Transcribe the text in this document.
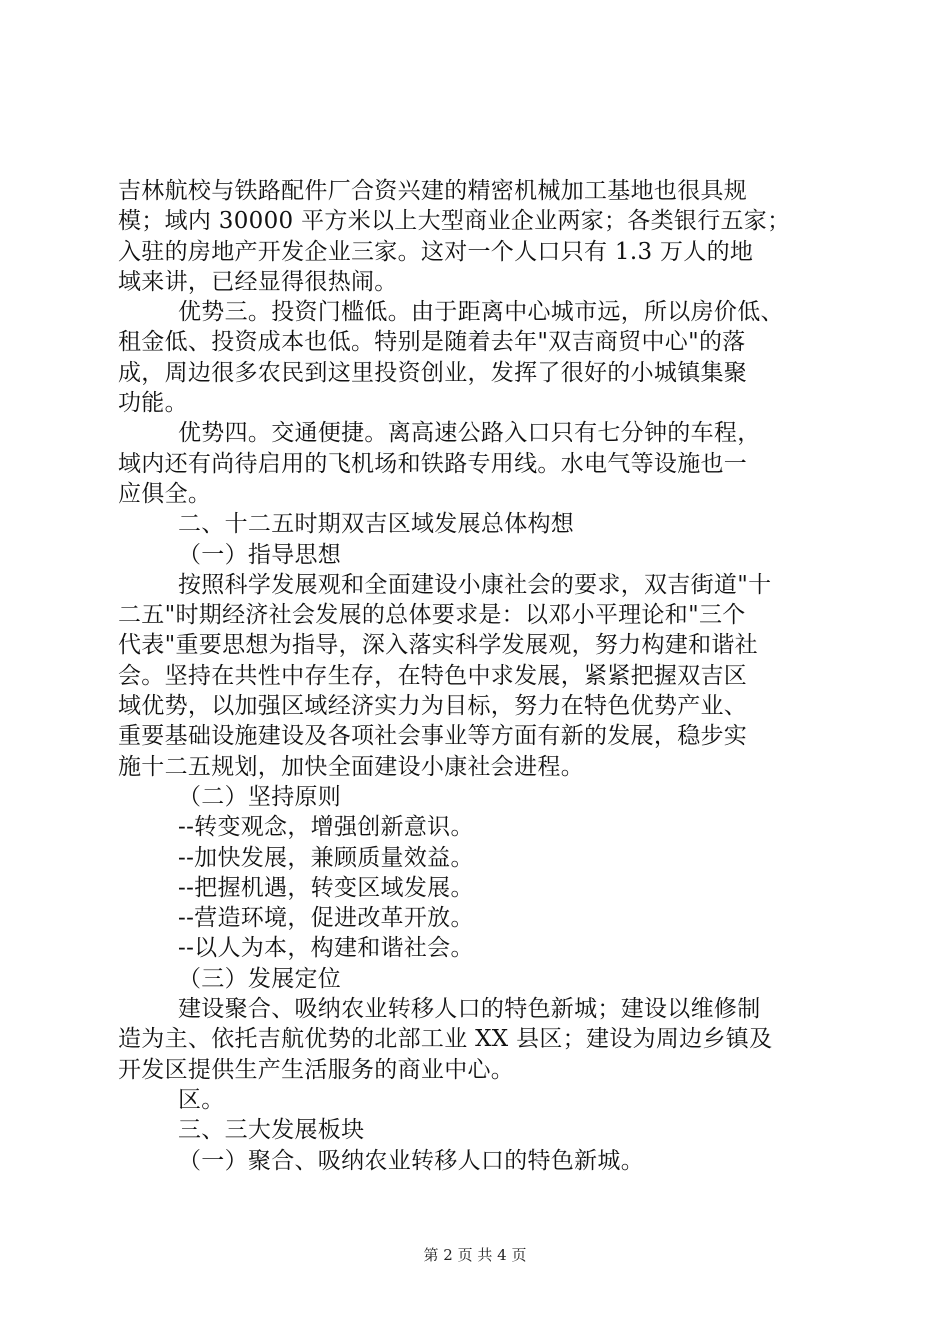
吉林航校与铁路配件厂合资兴建的精密机械加工基地也很具规
模；域内 30000 平方米以上大型商业企业两家；各类银行五家；
入驻的房地产开发企业三家。这对一个人口只有 1.3 万人的地
域来讲，已经显得很热闹。
优势三。投资门槛低。由于距离中心城市远，所以房价低、
租金低、投资成本也低。特别是随着去年"双吉商贸中心"的落
成，周边很多农民到这里投资创业，发挥了很好的小城镇集聚
功能。
优势四。交通便捷。离高速公路入口只有七分钟的车程，
域内还有尚待启用的飞机场和铁路专用线。水电气等设施也一
应俱全。
二、十二五时期双吉区域发展总体构想
（一）指导思想
按照科学发展观和全面建设小康社会的要求，双吉街道"十
二五"时期经济社会发展的总体要求是：以邓小平理论和"三个
代表"重要思想为指导，深入落实科学发展观，努力构建和谐社
会。坚持在共性中存生存，在特色中求发展，紧紧把握双吉区
域优势，以加强区域经济实力为目标，努力在特色优势产业、
重要基础设施建设及各项社会事业等方面有新的发展，稳步实
施十二五规划，加快全面建设小康社会进程。
（二）坚持原则
--转变观念，增强创新意识。
--加快发展，兼顾质量效益。
--把握机遇，转变区域发展。
--营造环境，促进改革开放。
--以人为本，构建和谐社会。
（三）发展定位
建设聚合、吸纳农业转移人口的特色新城；建设以维修制
造为主、依托吉航优势的北部工业 XX 县区；建设为周边乡镇及
开发区提供生产生活服务的商业中心。
区。
三、三大发展板块
（一）聚合、吸纳农业转移人口的特色新城。
第 2 页 共 4 页
